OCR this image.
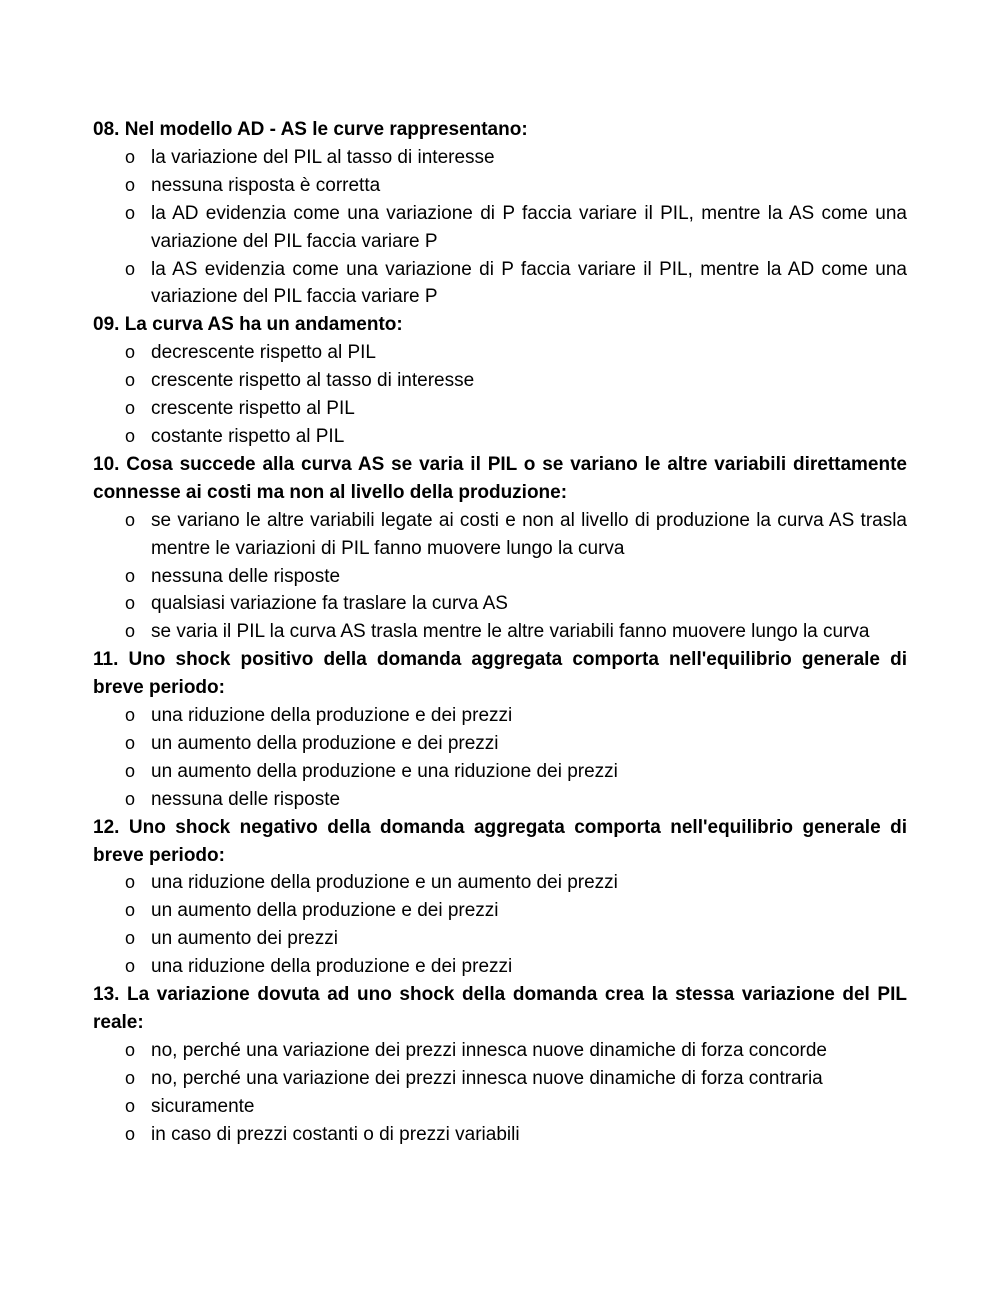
08. Nel modello AD - AS le curve rappresentano:
o la variazione del PIL al tasso di interesse
o nessuna risposta è corretta
o la AD evidenzia come una variazione di P faccia variare il PIL, mentre la AS come una variazione del PIL faccia variare P
o la AS evidenzia come una variazione di P faccia variare il PIL, mentre la AD come una variazione del PIL faccia variare P
09. La curva AS ha un andamento:
o decrescente rispetto al PIL
o crescente rispetto al tasso di interesse
o crescente rispetto al PIL
o costante rispetto al PIL
10. Cosa succede alla curva AS se varia il PIL o se variano le altre variabili direttamente connesse ai costi ma non al livello della produzione:
o se variano le altre variabili legate ai costi e non al livello di produzione la curva AS trasla mentre le variazioni di PIL fanno muovere lungo la curva
o nessuna delle risposte
o qualsiasi variazione fa traslare la curva AS
o se varia il PIL la curva AS trasla mentre le altre variabili fanno muovere lungo la curva
11. Uno shock positivo della domanda aggregata comporta nell'equilibrio generale di breve periodo:
o una riduzione della produzione e dei prezzi
o un aumento della produzione e dei prezzi
o un aumento della produzione e una riduzione dei prezzi
o nessuna delle risposte
12. Uno shock negativo della domanda aggregata comporta nell'equilibrio generale di breve periodo:
o una riduzione della produzione e un aumento dei prezzi
o un aumento della produzione e dei prezzi
o un aumento dei prezzi
o una riduzione della produzione e dei prezzi
13. La variazione dovuta ad uno shock della domanda crea la stessa variazione del PIL reale:
o no, perché una variazione dei prezzi innesca nuove dinamiche di forza concorde
o no, perché una variazione dei prezzi innesca nuove dinamiche di forza contraria
o sicuramente
o in caso di prezzi costanti o di prezzi variabili
